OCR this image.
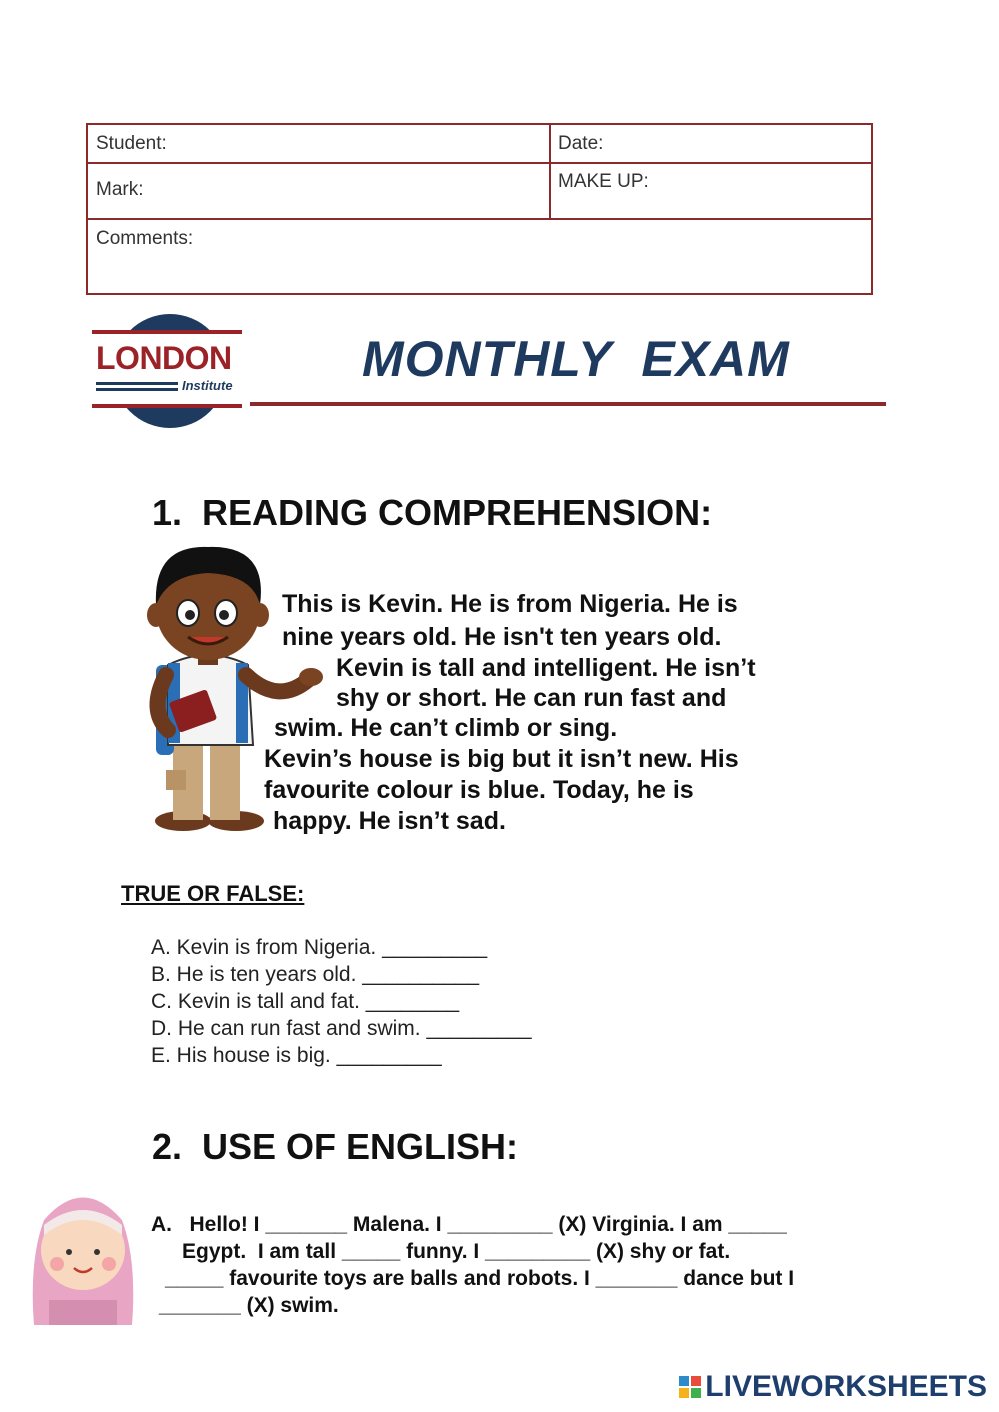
Student:	Date:
Mark:	MAKE UP:
Comments:
LONDON
Institute	MONTHLY  EXAM
1.  READING COMPREHENSION:
This is Kevin. He is from Nigeria. He is
nine years old. He isn't ten years old.
Kevin is tall and intelligent. He isn’t
shy or short. He can run fast and
swim. He can’t climb or sing.
Kevin’s house is big but it isn’t new. His
favourite colour is blue. Today, he is
happy. He isn’t sad.
TRUE OR FALSE:
A. Kevin is from Nigeria. _________
B. He is ten years old. __________
C. Kevin is tall and fat. ________
D. He can run fast and swim. _________
E. His house is big. _________
2.  USE OF ENGLISH:
A.   Hello! I _______ Malena. I _________ (X) Virginia. I am _____
Egypt.  I am tall _____ funny. I _________ (X) shy or fat.
_____ favourite toys are balls and robots. I _______ dance but I
_______ (X) swim.
LIVEWORKSHEETS
